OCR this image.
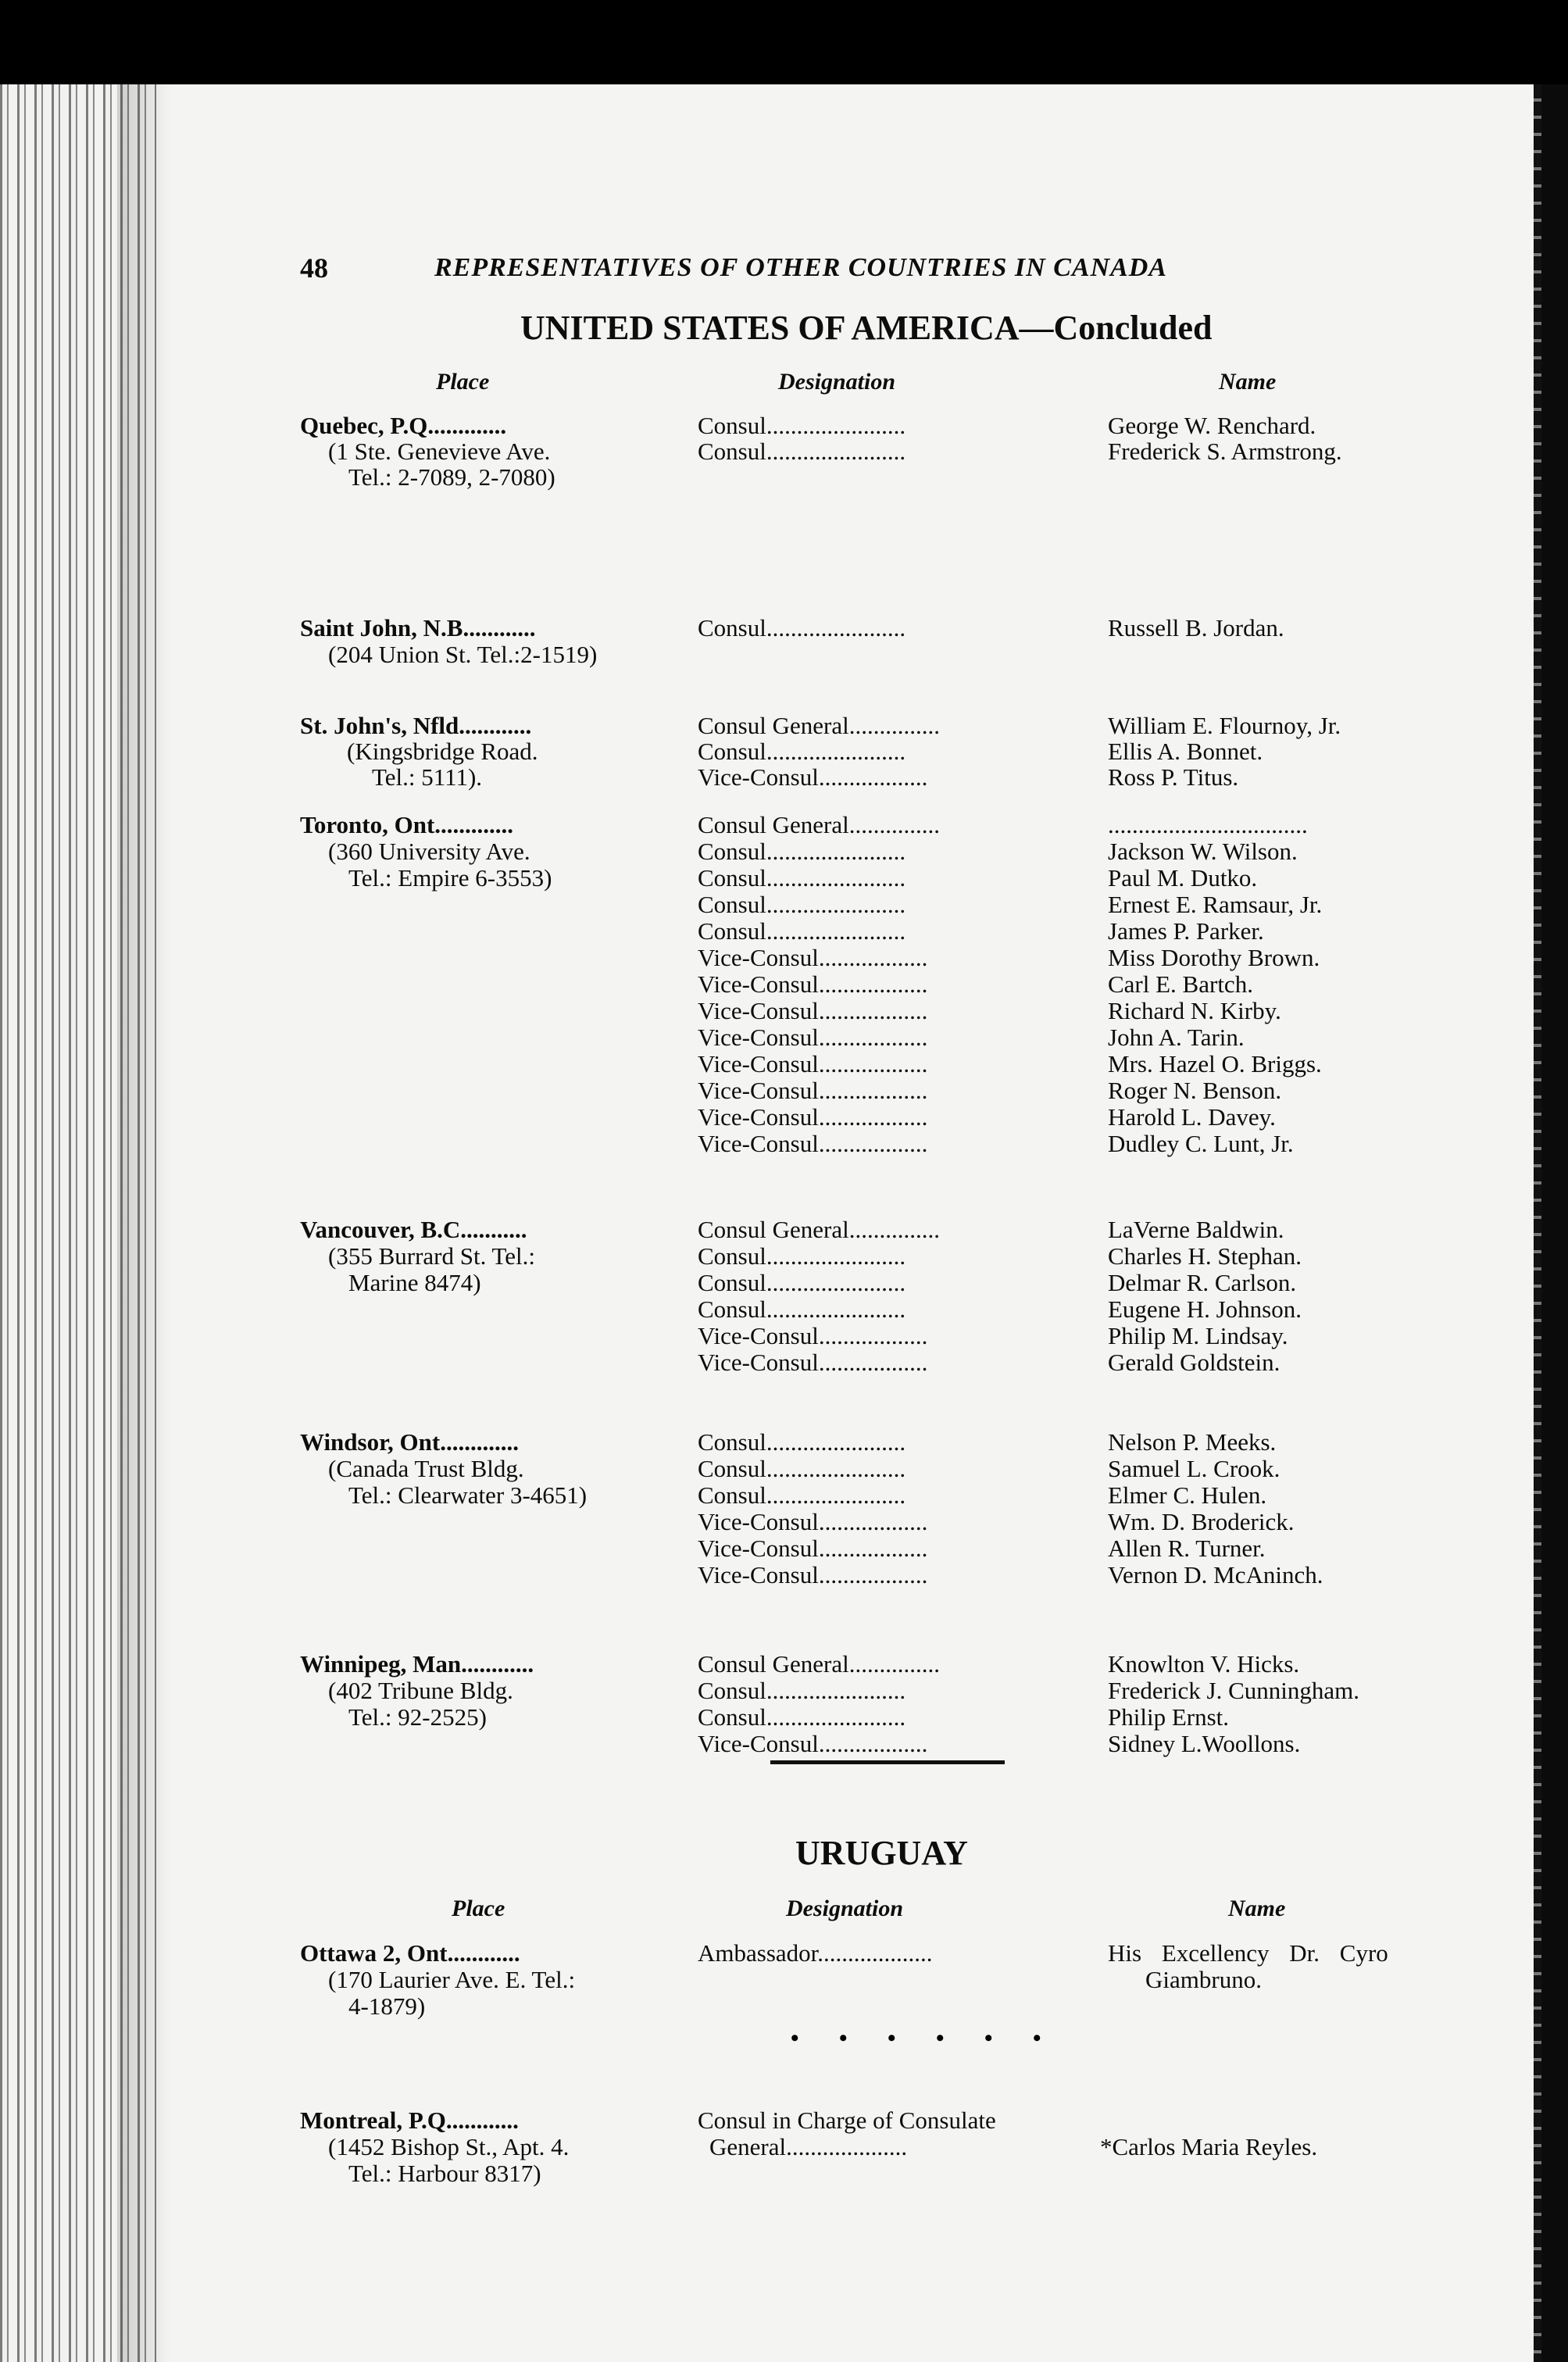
48	REPRESENTATIVES OF OTHER COUNTRIES IN CANADA
UNITED STATES OF AMERICA—Concluded
Place	Designation	Name
Quebec, P.Q.............
(1 Ste. Genevieve Ave.
Tel.: 2-7089, 2-7080)
Consul.......................	George W. Renchard.
Consul.......................	Frederick S. Armstrong.
Saint John, N.B............
(204 Union St. Tel.:2-1519)
Consul.......................	Russell B. Jordan.
St. John's, Nfld............
(Kingsbridge Road.
Tel.: 5111).
Consul General...............	William E. Flournoy, Jr.
Consul.......................	Ellis A. Bonnet.
Vice-Consul..................	Ross P. Titus.
Toronto, Ont.............
(360 University Ave.
Tel.: Empire 6-3553)
Consul General...............	.................................
Consul.......................	Jackson W. Wilson.
Consul.......................	Paul M. Dutko.
Consul.......................	Ernest E. Ramsaur, Jr.
Consul.......................	James P. Parker.
Vice-Consul..................	Miss Dorothy Brown.
Vice-Consul..................	Carl E. Bartch.
Vice-Consul..................	Richard N. Kirby.
Vice-Consul..................	John A. Tarin.
Vice-Consul..................	Mrs. Hazel O. Briggs.
Vice-Consul..................	Roger N. Benson.
Vice-Consul..................	Harold L. Davey.
Vice-Consul..................	Dudley C. Lunt, Jr.
Vancouver, B.C...........
(355 Burrard St. Tel.:
Marine 8474)
Consul General...............	LaVerne Baldwin.
Consul.......................	Charles H. Stephan.
Consul.......................	Delmar R. Carlson.
Consul.......................	Eugene H. Johnson.
Vice-Consul..................	Philip M. Lindsay.
Vice-Consul..................	Gerald Goldstein.
Windsor, Ont.............
(Canada Trust Bldg.
Tel.: Clearwater 3-4651)
Consul.......................	Nelson P. Meeks.
Consul.......................	Samuel L. Crook.
Consul.......................	Elmer C. Hulen.
Vice-Consul..................	Wm. D. Broderick.
Vice-Consul..................	Allen R. Turner.
Vice-Consul..................	Vernon D. McAninch.
Winnipeg, Man............
(402 Tribune Bldg.
Tel.: 92-2525)
Consul General...............	Knowlton V. Hicks.
Consul.......................	Frederick J. Cunningham.
Consul.......................	Philip Ernst.
Vice-Consul..................	Sidney L.Woollons.
URUGUAY
Place	Designation	Name
Ottawa 2, Ont............
(170 Laurier Ave. E. Tel.:
4-1879)
Ambassador...................	His Excellency Dr. Cyro
Giambruno.
• • • • • •
Montreal, P.Q............
(1452 Bishop St., Apt. 4.
Tel.: Harbour 8317)
Consul in Charge of Consulate
General....................	*Carlos Maria Reyles.
